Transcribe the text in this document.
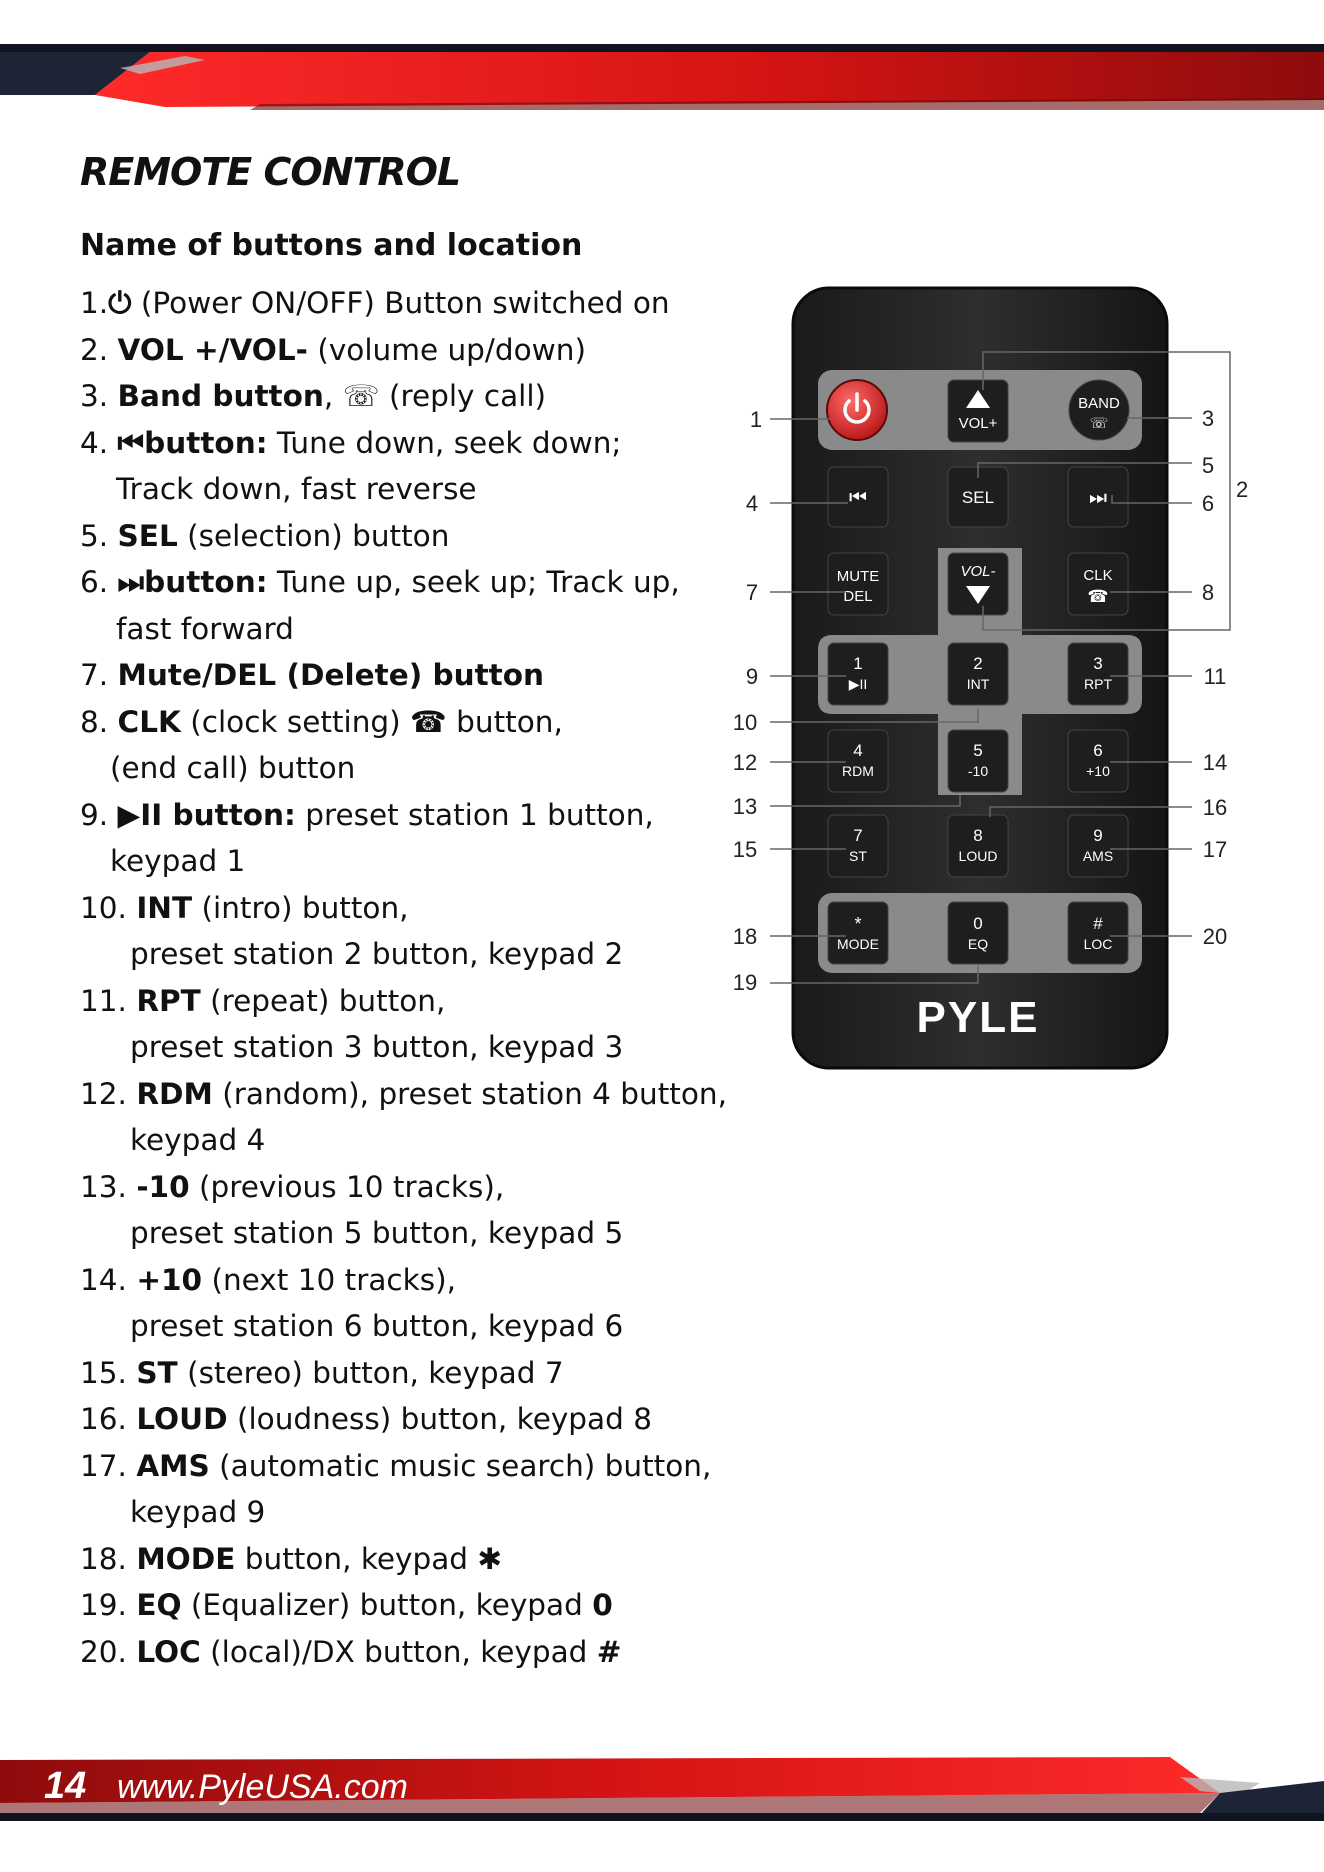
REMOTE CONTROL
Name of buttons and location
1.⏻ (Power ON/OFF) Button switched on
2. VOL +/VOL- (volume up/down)
3. Band button, ☏ (reply call)
4. ⏮button: Tune down, seek down;
Track down, fast reverse
5. SEL (selection) button
6. ⏭button: Tune up, seek up; Track up,
fast forward
7. Mute/DEL (Delete) button
8. CLK (clock setting) ☎ button,
(end call) button
9. ▶II button: preset station 1 button,
keypad 1
10. INT (intro) button,
preset station 2 button, keypad 2
11. RPT (repeat) button,
preset station 3 button, keypad 3
12. RDM (random), preset station 4 button,
keypad 4
13. -10 (previous 10 tracks),
preset station 5 button, keypad 5
14. +10 (next 10 tracks),
preset station 6 button, keypad 6
15. ST (stereo) button, keypad 7
16. LOUD (loudness) button, keypad 8
17. AMS (automatic music search) button,
keypad 9
18. MODE button, keypad ✱
19. EQ (Equalizer) button, keypad 0
20. LOC (local)/DX button, keypad #
VOL+
BAND
☏
⏮	SEL	⏭
MUTE
DEL
VOL-	CLK
☎
1
▶II
2
INT
3
RPT
4
RDM
5
-10
6
+10
7
ST
8
LOUD
9
AMS
*
MODE
0
EQ
#
LOC
PYLE
1
2
3
4
5
6
7	8
9
10
11
12
13
14
15
16
17
18
19
20
14 www.PyleUSA.com
